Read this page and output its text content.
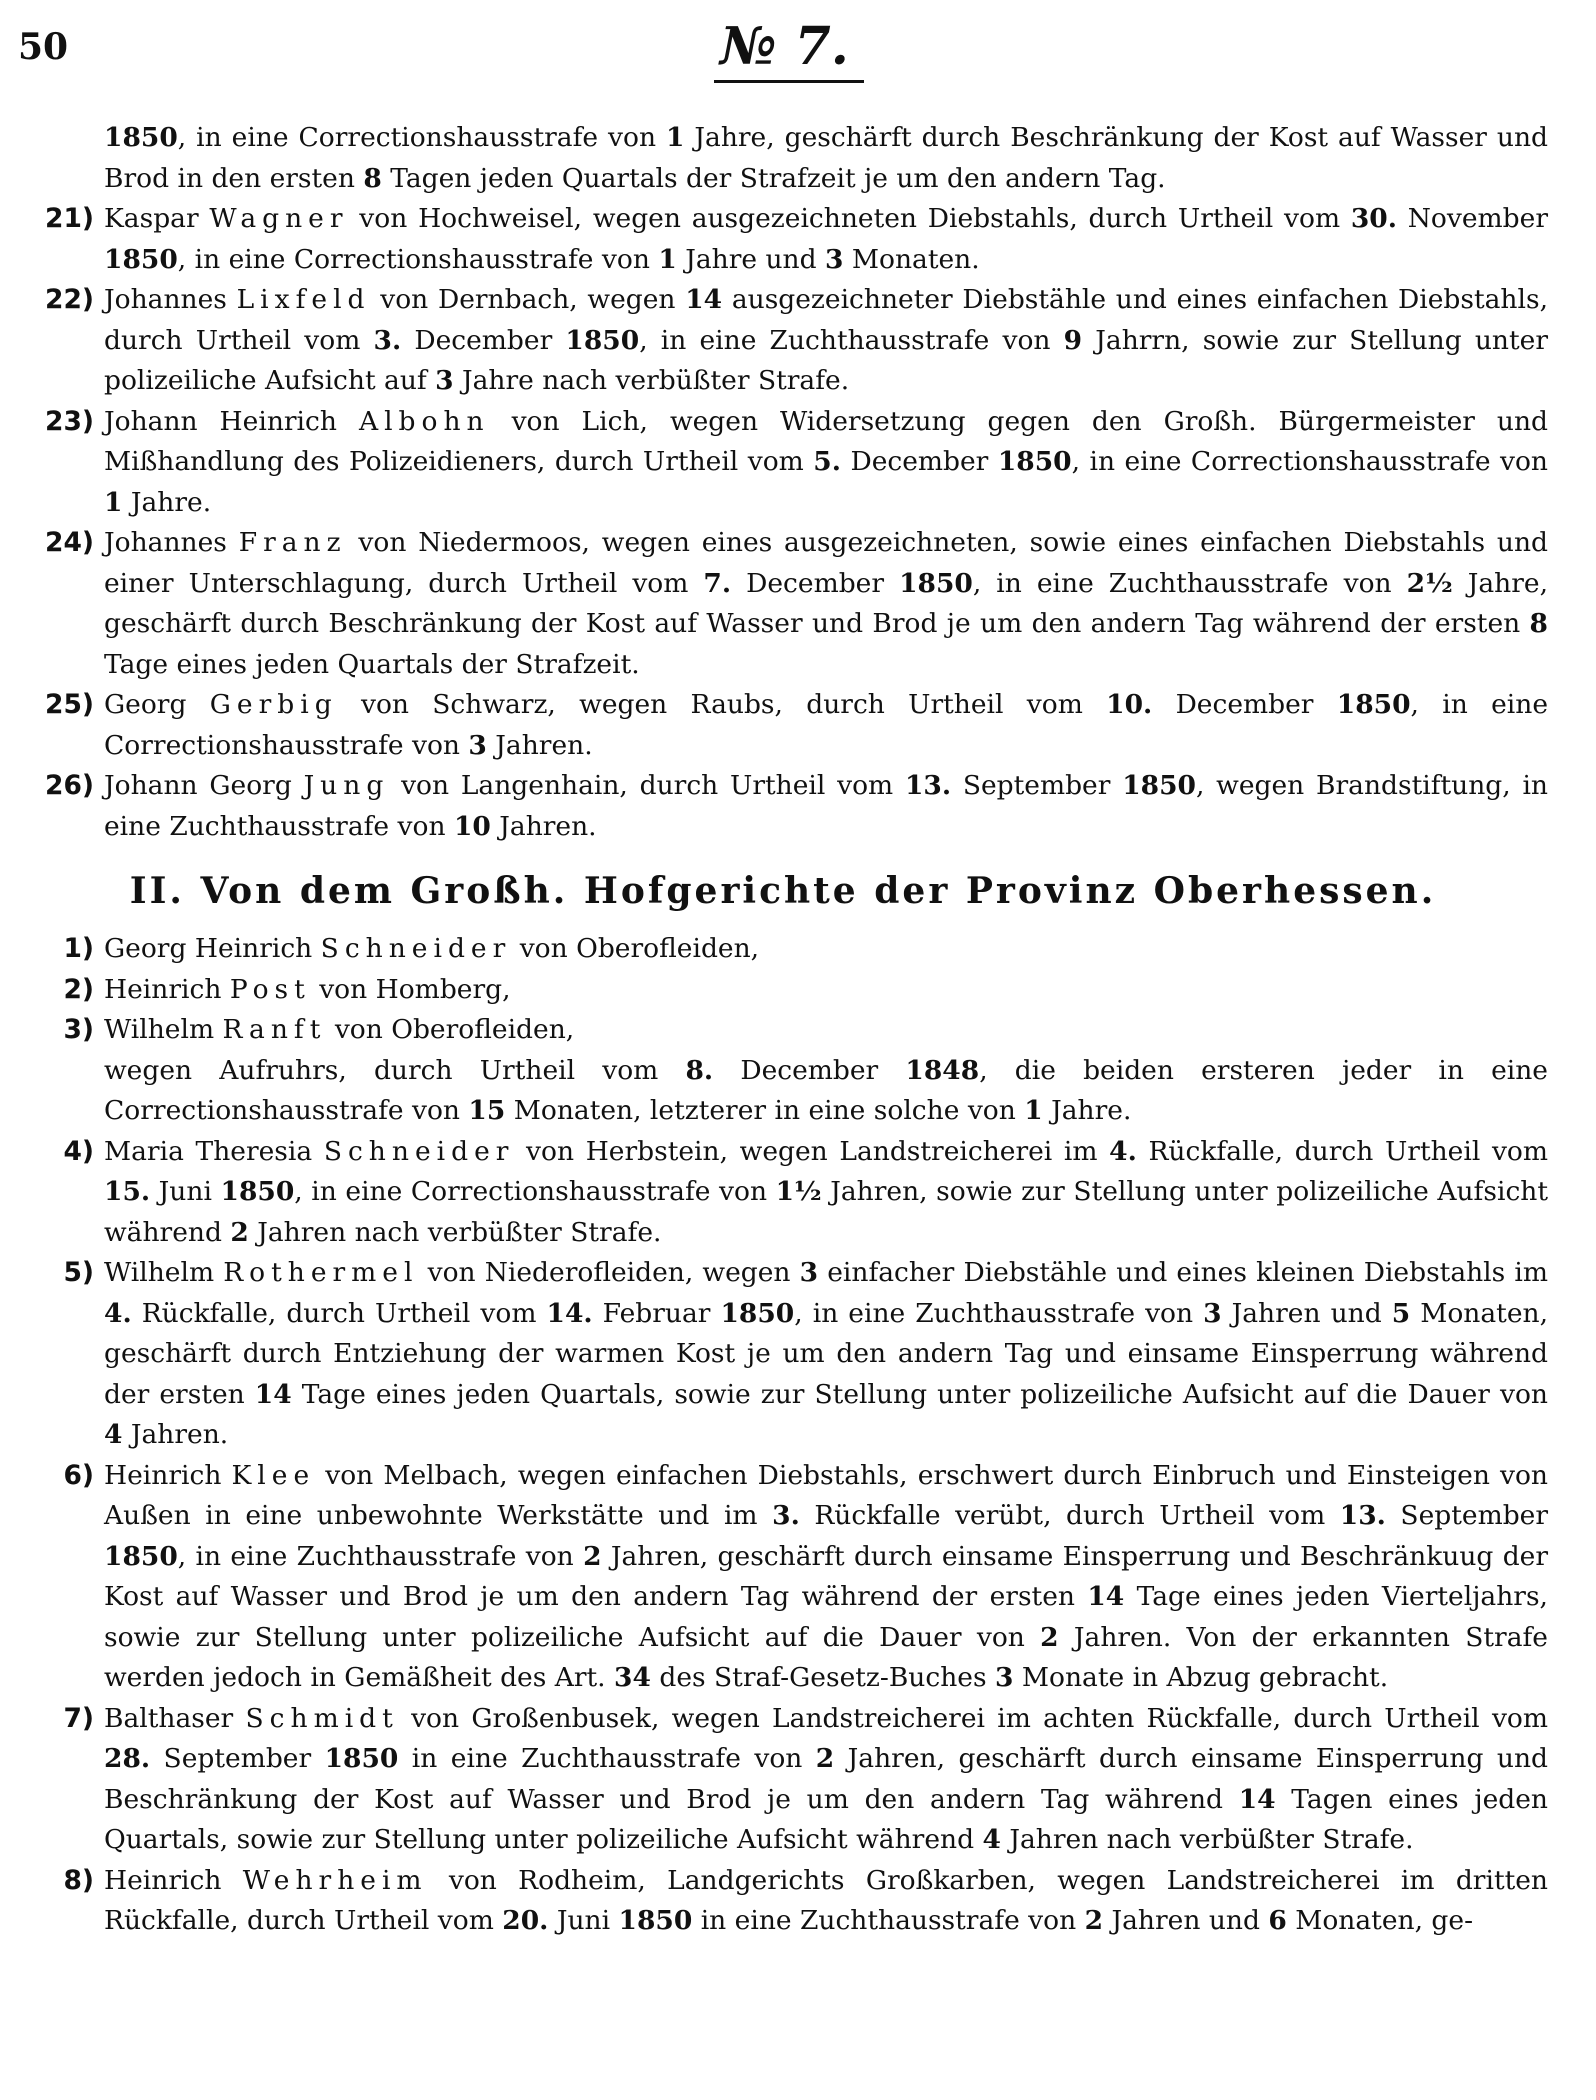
50	№ 7.
1850, in eine Correctionshausstrafe von 1 Jahre, geschärft durch Beschränkung der Kost auf Wasser und Brod in den ersten 8 Tagen jeden Quartals der Strafzeit je um den andern Tag.
21) Kaspar Wagner von Hochweisel, wegen ausgezeichneten Diebstahls, durch Urtheil vom 30. November 1850, in eine Correctionshausstrafe von 1 Jahre und 3 Monaten.
22) Johannes Lixfeld von Dernbach, wegen 14 ausgezeichneter Diebstähle und eines einfachen Diebstahls, durch Urtheil vom 3. December 1850, in eine Zuchthausstrafe von 9 Jahrrn, sowie zur Stellung unter polizeiliche Aufsicht auf 3 Jahre nach verbüßter Strafe.
23) Johann Heinrich Albohn von Lich, wegen Widersetzung gegen den Großh. Bürgermeister und Mißhandlung des Polizeidieners, durch Urtheil vom 5. December 1850, in eine Correctionshausstrafe von 1 Jahre.
24) Johannes Franz von Niedermoos, wegen eines ausgezeichneten, sowie eines einfachen Diebstahls und einer Unterschlagung, durch Urtheil vom 7. December 1850, in eine Zuchthausstrafe von 2½ Jahre, geschärft durch Beschränkung der Kost auf Wasser und Brod je um den andern Tag während der ersten 8 Tage eines jeden Quartals der Strafzeit.
25) Georg Gerbig von Schwarz, wegen Raubs, durch Urtheil vom 10. December 1850, in eine Correctionshausstrafe von 3 Jahren.
26) Johann Georg Jung von Langenhain, durch Urtheil vom 13. September 1850, wegen Brandstiftung, in eine Zuchthausstrafe von 10 Jahren.
II. Von dem Großh. Hofgerichte der Provinz Oberhessen.
1) Georg Heinrich Schneider von Oberofleiden,
2) Heinrich Post von Homberg,
3) Wilhelm Ranft von Oberofleiden,
wegen Aufruhrs, durch Urtheil vom 8. December 1848, die beiden ersteren jeder in eine Correctionshausstrafe von 15 Monaten, letzterer in eine solche von 1 Jahre.
4) Maria Theresia Schneider von Herbstein, wegen Landstreicherei im 4. Rückfalle, durch Urtheil vom 15. Juni 1850, in eine Correctionshausstrafe von 1½ Jahren, sowie zur Stellung unter polizeiliche Aufsicht während 2 Jahren nach verbüßter Strafe.
5) Wilhelm Rothermel von Niederofleiden, wegen 3 einfacher Diebstähle und eines kleinen Diebstahls im 4. Rückfalle, durch Urtheil vom 14. Februar 1850, in eine Zuchthausstrafe von 3 Jahren und 5 Monaten, geschärft durch Entziehung der warmen Kost je um den andern Tag und einsame Einsperrung während der ersten 14 Tage eines jeden Quartals, sowie zur Stellung unter polizeiliche Aufsicht auf die Dauer von 4 Jahren.
6) Heinrich Klee von Melbach, wegen einfachen Diebstahls, erschwert durch Einbruch und Einsteigen von Außen in eine unbewohnte Werkstätte und im 3. Rückfalle verübt, durch Urtheil vom 13. September 1850, in eine Zuchthausstrafe von 2 Jahren, geschärft durch einsame Einsperrung und Beschränkuug der Kost auf Wasser und Brod je um den andern Tag während der ersten 14 Tage eines jeden Vierteljahrs, sowie zur Stellung unter polizeiliche Aufsicht auf die Dauer von 2 Jahren. Von der erkannten Strafe werden jedoch in Gemäßheit des Art. 34 des Straf-Gesetz-Buches 3 Monate in Abzug gebracht.
7) Balthaser Schmidt von Großenbusek, wegen Landstreicherei im achten Rückfalle, durch Urtheil vom 28. September 1850 in eine Zuchthausstrafe von 2 Jahren, geschärft durch einsame Einsperrung und Beschränkung der Kost auf Wasser und Brod je um den andern Tag während 14 Tagen eines jeden Quartals, sowie zur Stellung unter polizeiliche Aufsicht während 4 Jahren nach verbüßter Strafe.
8) Heinrich Wehrheim von Rodheim, Landgerichts Großkarben, wegen Landstreicherei im dritten Rückfalle, durch Urtheil vom 20. Juni 1850 in eine Zuchthausstrafe von 2 Jahren und 6 Monaten, ge-
